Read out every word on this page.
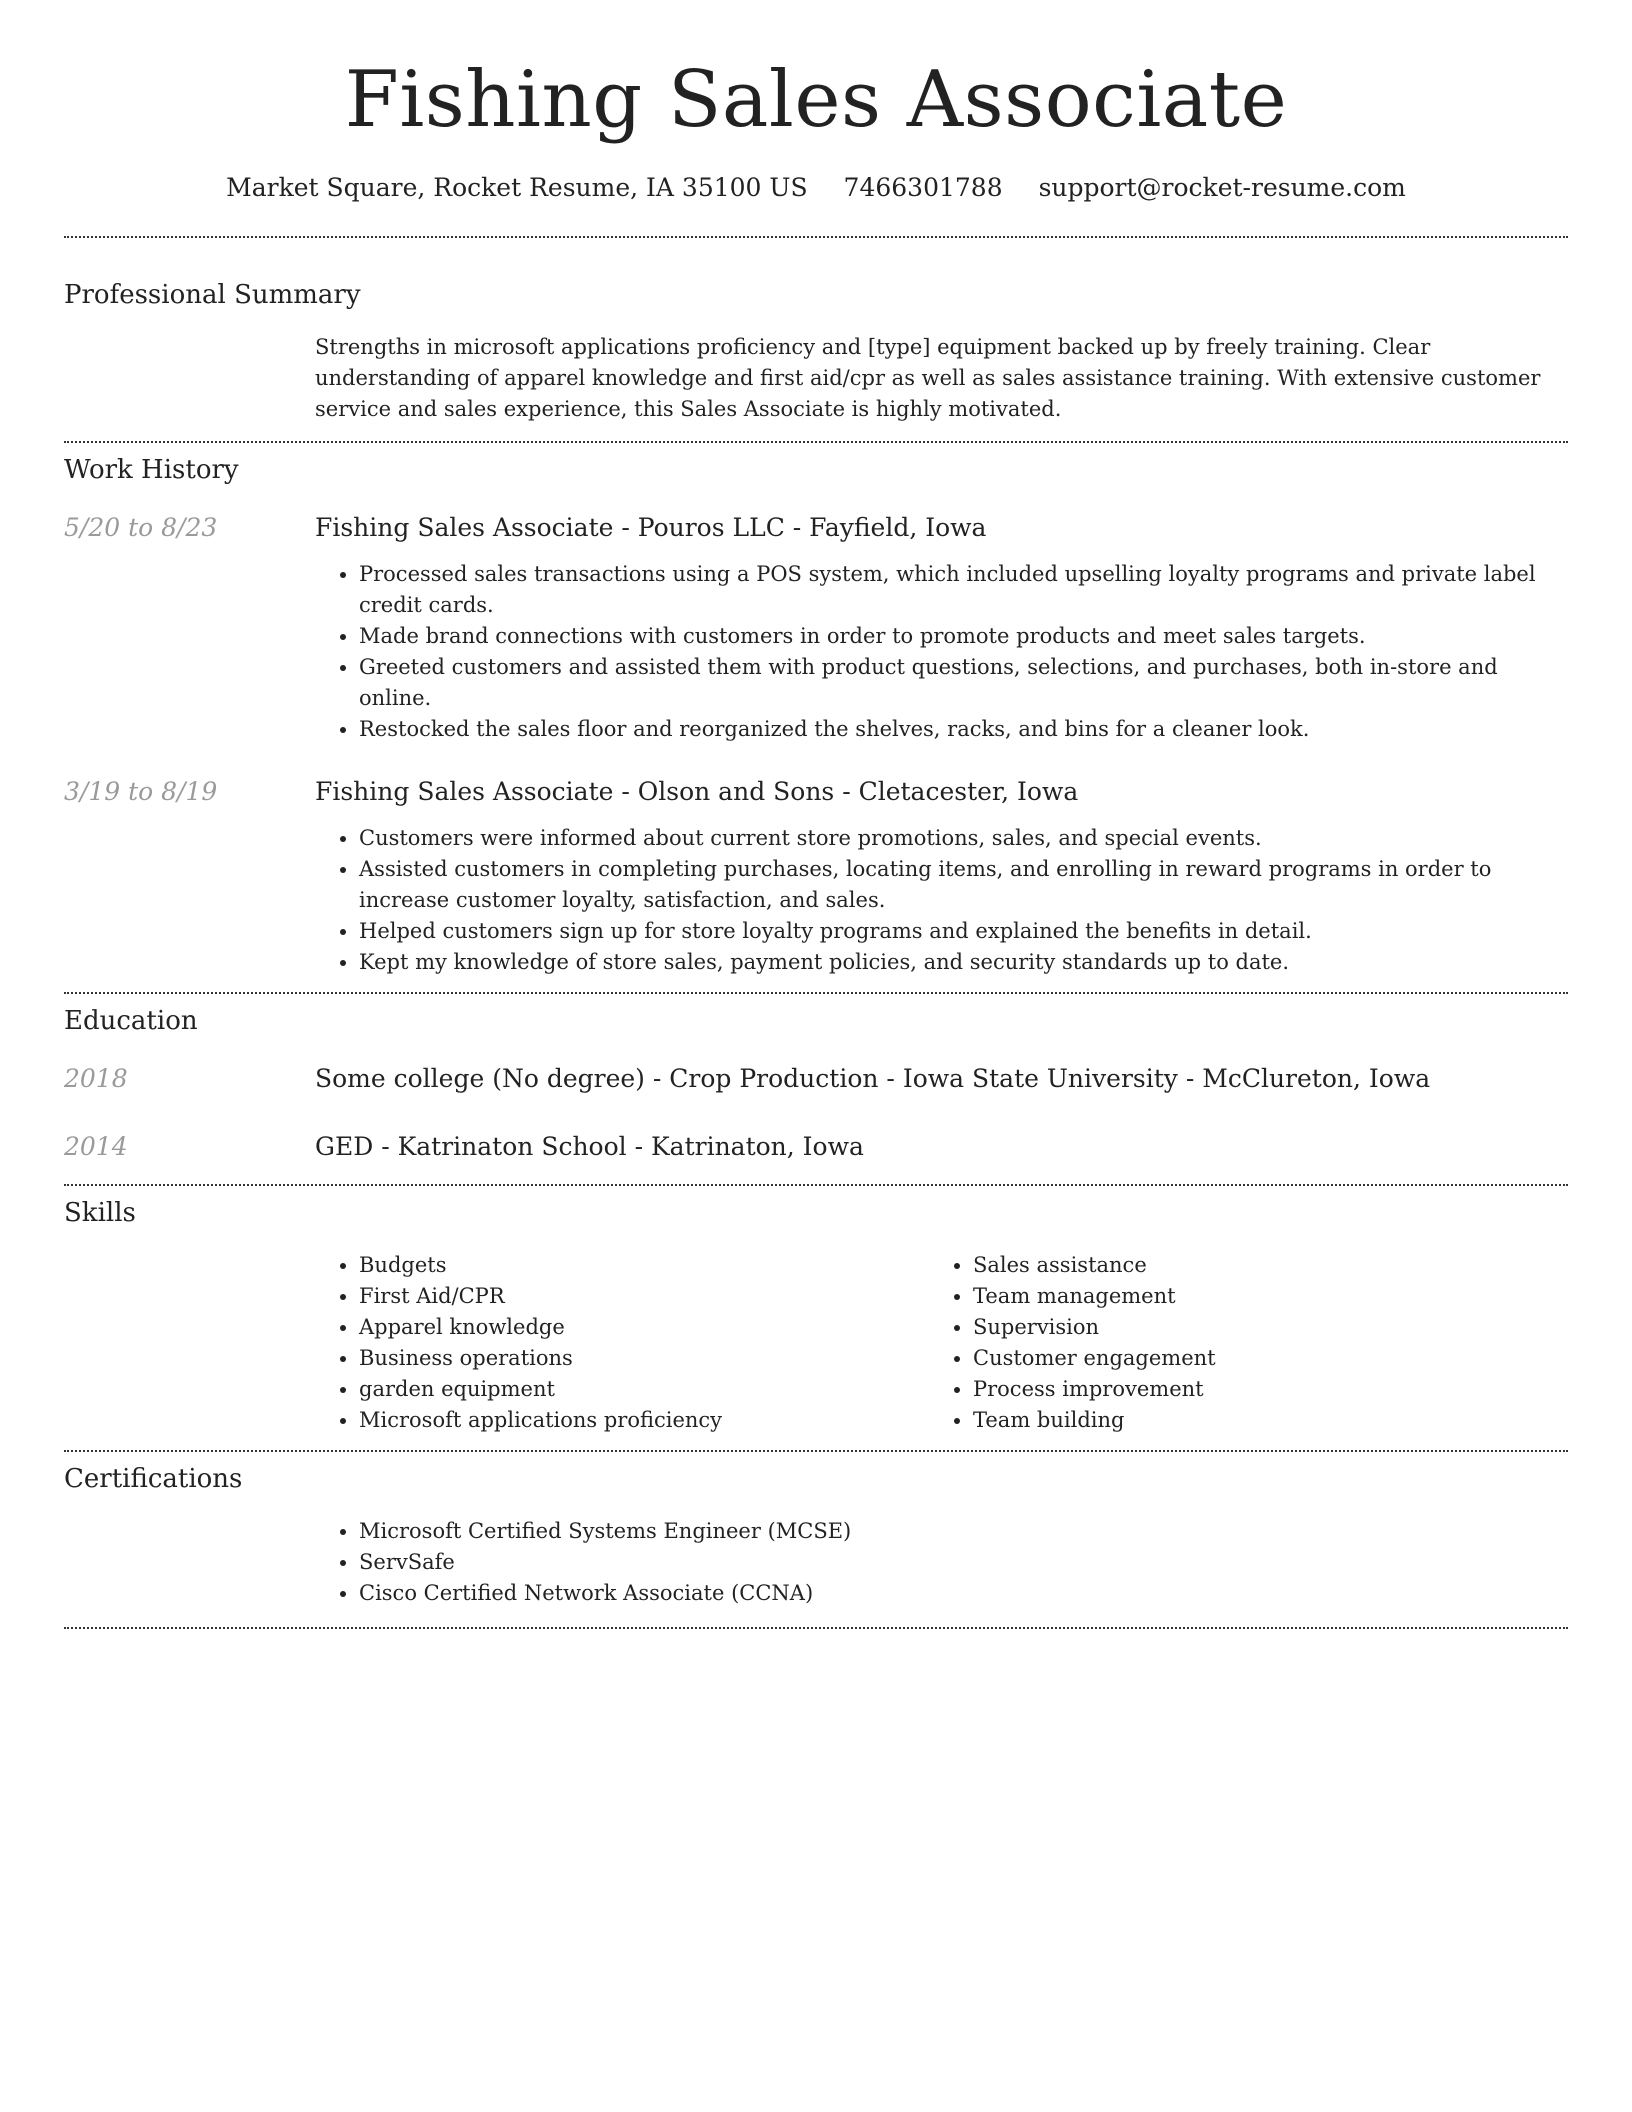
Fishing Sales Associate
Market Square, Rocket Resume, IA 35100 US 7466301788 support@rocket-resume.com
Professional Summary

Strengths in microsoft applications proficiency and [type] equipment backed up by freely training. Clear understanding of apparel knowledge and first aid/cpr as well as sales assistance training. With extensive customer service and sales experience, this Sales Associate is highly motivated.

Work History
5/20 to 8/23	Fishing Sales Associate - Pouros LLC - Fayfield, Iowa
• Processed sales transactions using a POS system, which included upselling loyalty programs and private label credit cards.
• Made brand connections with customers in order to promote products and meet sales targets.
• Greeted customers and assisted them with product questions, selections, and purchases, both in-store and online.
• Restocked the sales floor and reorganized the shelves, racks, and bins for a cleaner look.
3/19 to 8/19	Fishing Sales Associate - Olson and Sons - Cletacester, Iowa
• Customers were informed about current store promotions, sales, and special events.
• Assisted customers in completing purchases, locating items, and enrolling in reward programs in order to increase customer loyalty, satisfaction, and sales.
• Helped customers sign up for store loyalty programs and explained the benefits in detail.
• Kept my knowledge of store sales, payment policies, and security standards up to date.
Education
2018	Some college (No degree) - Crop Production - Iowa State University - McClureton, Iowa
2014	GED - Katrinaton School - Katrinaton, Iowa
Skills
• Budgets
• First Aid/CPR
• Apparel knowledge
• Business operations
• garden equipment
• Microsoft applications proficiency
• Sales assistance
• Team management
• Supervision
• Customer engagement
• Process improvement
• Team building
Certifications
• Microsoft Certified Systems Engineer (MCSE)
• ServSafe
• Cisco Certified Network Associate (CCNA)
